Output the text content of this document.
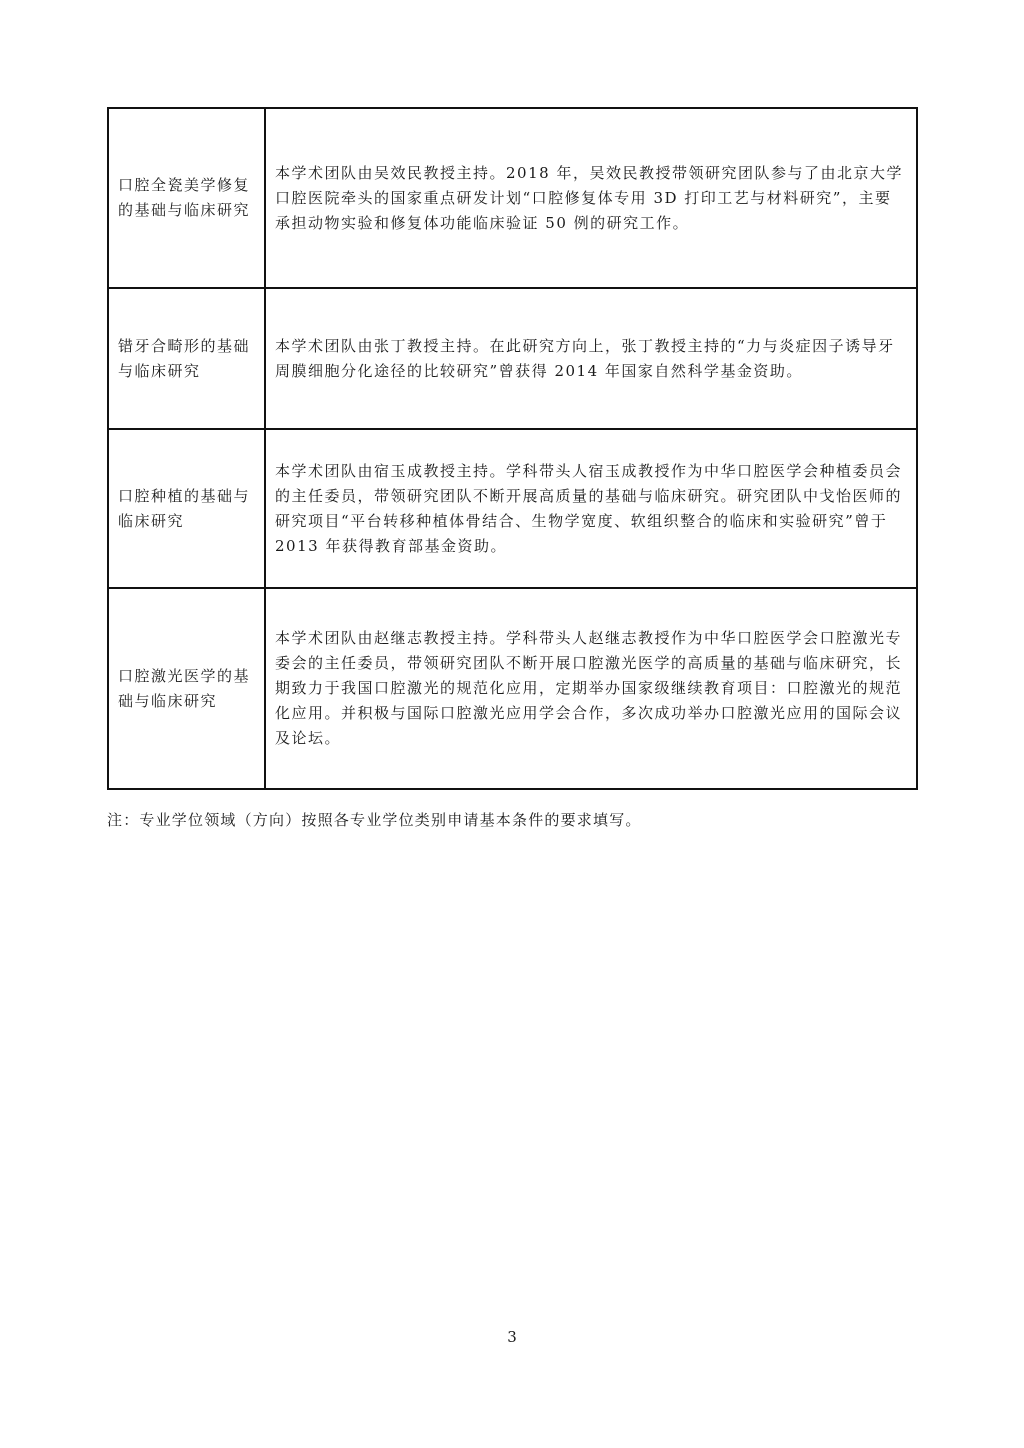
口腔全瓷美学修复的基础与临床研究	本学术团队由吴效民教授主持。2018 年，吴效民教授带领研究团队参与了由北京大学口腔医院牵头的国家重点研发计划“口腔修复体专用 3D 打印工艺与材料研究”，主要承担动物实验和修复体功能临床验证 50 例的研究工作。
错牙合畸形的基础与临床研究	本学术团队由张丁教授主持。在此研究方向上，张丁教授主持的“力与炎症因子诱导牙周膜细胞分化途径的比较研究”曾获得 2014 年国家自然科学基金资助。
口腔种植的基础与临床研究	本学术团队由宿玉成教授主持。学科带头人宿玉成教授作为中华口腔医学会种植委员会的主任委员，带领研究团队不断开展高质量的基础与临床研究。研究团队中戈怡医师的研究项目“平台转移种植体骨结合、生物学宽度、软组织整合的临床和实验研究”曾于 2013 年获得教育部基金资助。
口腔激光医学的基础与临床研究	本学术团队由赵继志教授主持。学科带头人赵继志教授作为中华口腔医学会口腔激光专委会的主任委员，带领研究团队不断开展口腔激光医学的高质量的基础与临床研究，长期致力于我国口腔激光的规范化应用，定期举办国家级继续教育项目：口腔激光的规范化应用。并积极与国际口腔激光应用学会合作，多次成功举办口腔激光应用的国际会议及论坛。
注：专业学位领域（方向）按照各专业学位类别申请基本条件的要求填写。
3
